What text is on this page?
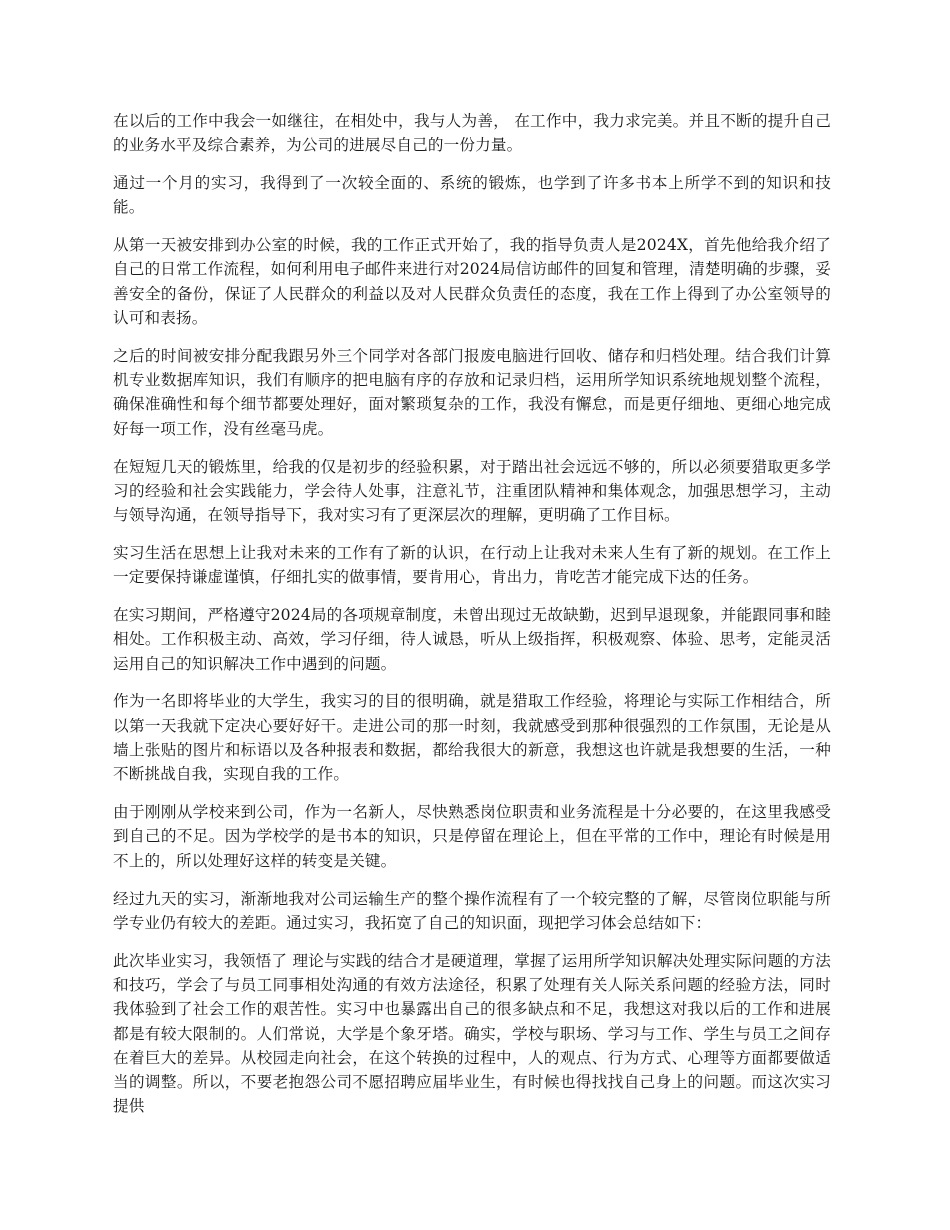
在以后的工作中我会一如继往，在相处中，我与人为善， 在工作中，我力求完美。并且不断的提升自己的业务水平及综合素养，为公司的进展尽自己的一份力量。

通过一个月的实习，我得到了一次较全面的、系统的锻炼，也学到了许多书本上所学不到的知识和技能。

从第一天被安排到办公室的时候，我的工作正式开始了，我的指导负责人是2024X，首先他给我介绍了自己的日常工作流程，如何利用电子邮件来进行对2024局信访邮件的回复和管理，清楚明确的步骤，妥善安全的备份，保证了人民群众的利益以及对人民群众负责任的态度，我在工作上得到了办公室领导的认可和表扬。

之后的时间被安排分配我跟另外三个同学对各部门报废电脑进行回收、储存和归档处理。结合我们计算机专业数据库知识，我们有顺序的把电脑有序的存放和记录归档，运用所学知识系统地规划整个流程，确保准确性和每个细节都要处理好，面对繁琐复杂的工作，我没有懈怠，而是更仔细地、更细心地完成好每一项工作，没有丝毫马虎。

在短短几天的锻炼里，给我的仅是初步的经验积累，对于踏出社会远远不够的，所以必须要猎取更多学习的经验和社会实践能力，学会待人处事，注意礼节，注重团队精神和集体观念，加强思想学习，主动与领导沟通，在领导指导下，我对实习有了更深层次的理解，更明确了工作目标。

实习生活在思想上让我对未来的工作有了新的认识，在行动上让我对未来人生有了新的规划。在工作上一定要保持谦虚谨慎，仔细扎实的做事情，要肯用心，肯出力，肯吃苦才能完成下达的任务。

在实习期间，严格遵守2024局的各项规章制度，未曾出现过无故缺勤，迟到早退现象，并能跟同事和睦相处。工作积极主动、高效，学习仔细，待人诚恳，听从上级指挥，积极观察、体验、思考，定能灵活运用自己的知识解决工作中遇到的问题。

作为一名即将毕业的大学生，我实习的目的很明确，就是猎取工作经验，将理论与实际工作相结合，所以第一天我就下定决心要好好干。走进公司的那一时刻，我就感受到那种很强烈的工作氛围，无论是从墙上张贴的图片和标语以及各种报表和数据，都给我很大的新意，我想这也许就是我想要的生活，一种不断挑战自我，实现自我的工作。

由于刚刚从学校来到公司，作为一名新人，尽快熟悉岗位职责和业务流程是十分必要的，在这里我感受到自己的不足。因为学校学的是书本的知识，只是停留在理论上，但在平常的工作中，理论有时候是用不上的，所以处理好这样的转变是关键。

经过九天的实习，渐渐地我对公司运输生产的整个操作流程有了一个较完整的了解，尽管岗位职能与所学专业仍有较大的差距。通过实习，我拓宽了自己的知识面，现把学习体会总结如下：

此次毕业实习，我领悟了 理论与实践的结合才是硬道理，掌握了运用所学知识解决处理实际问题的方法和技巧，学会了与员工同事相处沟通的有效方法途径，积累了处理有关人际关系问题的经验方法，同时我体验到了社会工作的艰苦性。实习中也暴露出自己的很多缺点和不足，我想这对我以后的工作和进展都是有较大限制的。人们常说，大学是个象牙塔。确实，学校与职场、学习与工作、学生与员工之间存在着巨大的差异。从校园走向社会，在这个转换的过程中，人的观点、行为方式、心理等方面都要做适当的调整。所以，不要老抱怨公司不愿招聘应届毕业生，有时候也得找找自己身上的问题。而这次实习提供
